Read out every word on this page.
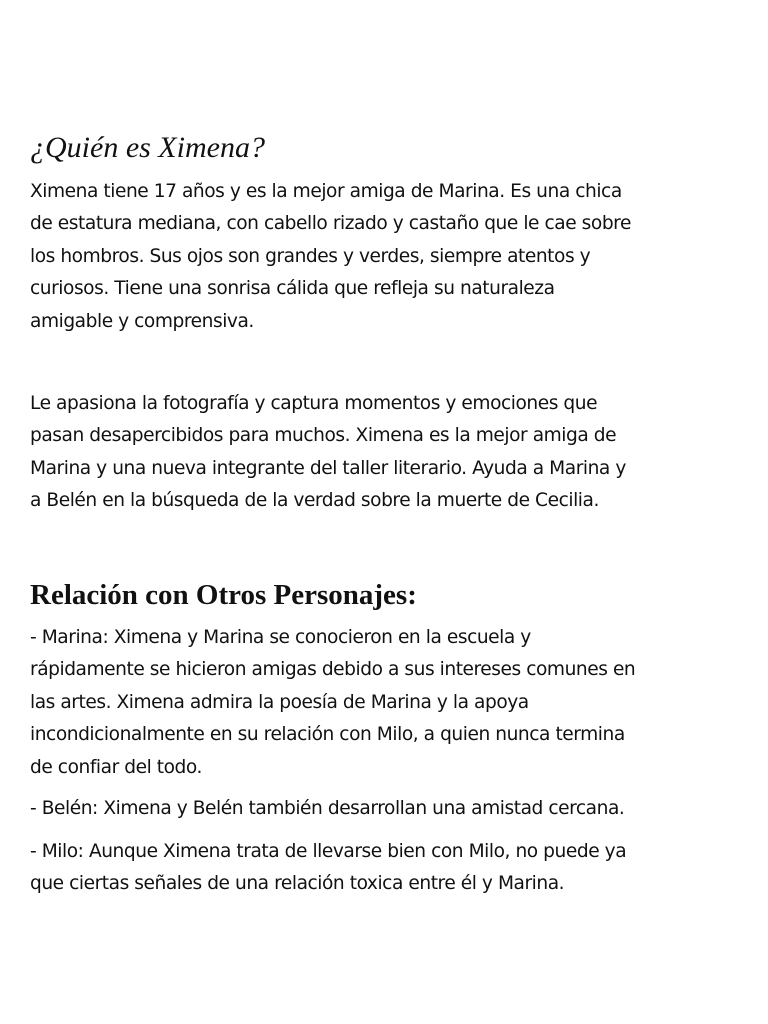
¿Quién es Ximena?

Ximena tiene 17 años y es la mejor amiga de Marina. Es una chica
de estatura mediana, con cabello rizado y castaño que le cae sobre
los hombros. Sus ojos son grandes y verdes, siempre atentos y
curiosos. Tiene una sonrisa cálida que refleja su naturaleza
amigable y comprensiva.

Le apasiona la fotografía y captura momentos y emociones que
pasan desapercibidos para muchos. Ximena es la mejor amiga de
Marina y una nueva integrante del taller literario. Ayuda a Marina y
a Belén en la búsqueda de la verdad sobre la muerte de Cecilia.

Relación con Otros Personajes:

- Marina: Ximena y Marina se conocieron en la escuela y
rápidamente se hicieron amigas debido a sus intereses comunes en
las artes. Ximena admira la poesía de Marina y la apoya
incondicionalmente en su relación con Milo, a quien nunca termina
de confiar del todo.

- Belén: Ximena y Belén también desarrollan una amistad cercana.

- Milo: Aunque Ximena trata de llevarse bien con Milo, no puede ya
que ciertas señales de una relación toxica entre él y Marina.
